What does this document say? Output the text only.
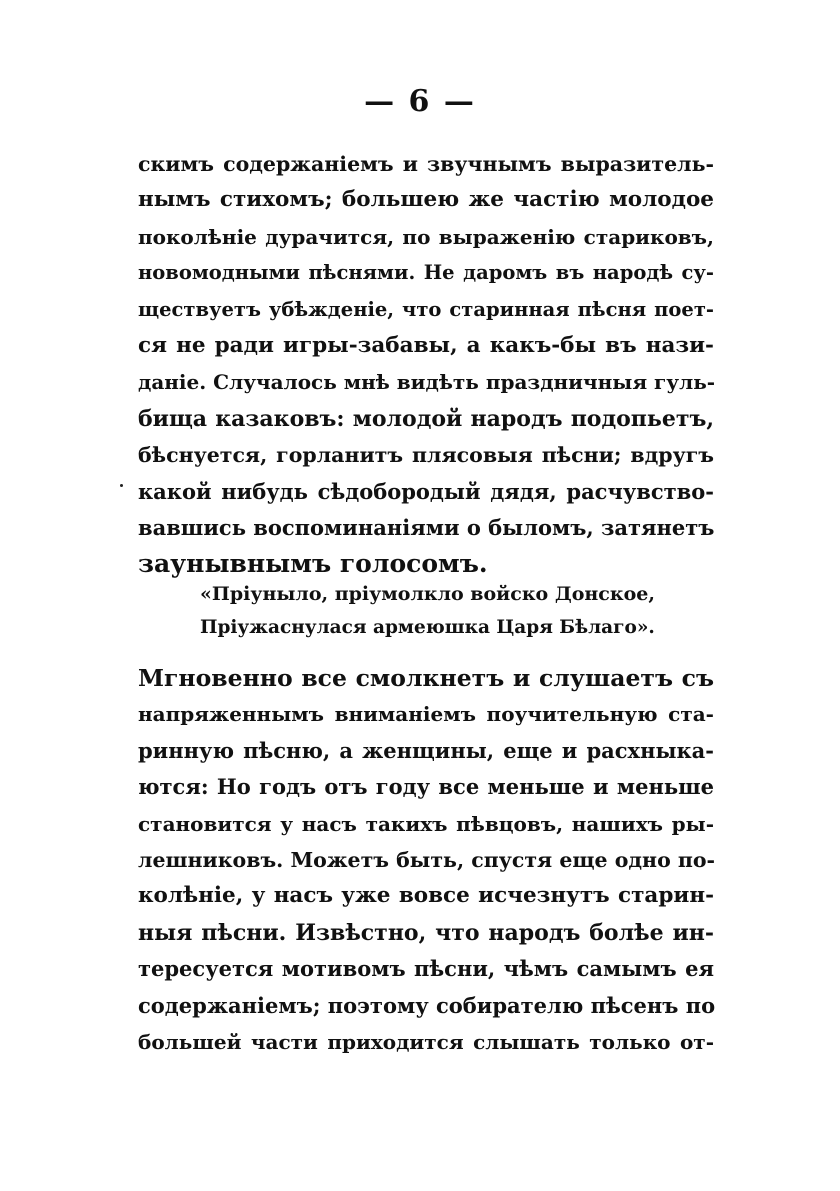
— 6 —
скимъ содержаніемъ и звучнымъ выразитель-
нымъ стихомъ; большею же частію молодое
поколѣніе дурачится, по выраженію стариковъ,
новомодными пѣснями. Не даромъ въ народѣ су-
ществуетъ убѣжденіе, что старинная пѣсня поет-
ся не ради игры-забавы, а какъ-бы въ нази-
даніе. Случалось мнѣ видѣть праздничныя гуль-
бища казаковъ: молодой народъ подопьетъ,
бѣснуется, горланитъ плясовыя пѣсни; вдругъ
какой нибудь сѣдобородый дядя, расчувство-
вавшись воспоминаніями о быломъ, затянетъ
заунывнымъ голосомъ.
«Пріуныло, пріумолкло войско Донское,
Пріужаснулася армеюшка Царя Бѣлаго».
Мгновенно все смолкнетъ и слушаетъ съ
напряженнымъ вниманіемъ поучительную ста-
ринную пѣсню, а женщины, еще и расхныка-
ются: Но годъ отъ году все меньше и меньше
становится у насъ такихъ пѣвцовъ, нашихъ ры-
лешниковъ. Можетъ быть, спустя еще одно по-
колѣніе, у насъ уже вовсе исчезнутъ старин-
ныя пѣсни. Извѣстно, что народъ болѣе ин-
тересуется мотивомъ пѣсни, чѣмъ самымъ ея
содержаніемъ; поэтому собирателю пѣсенъ по
большей части приходится слышать только от-
